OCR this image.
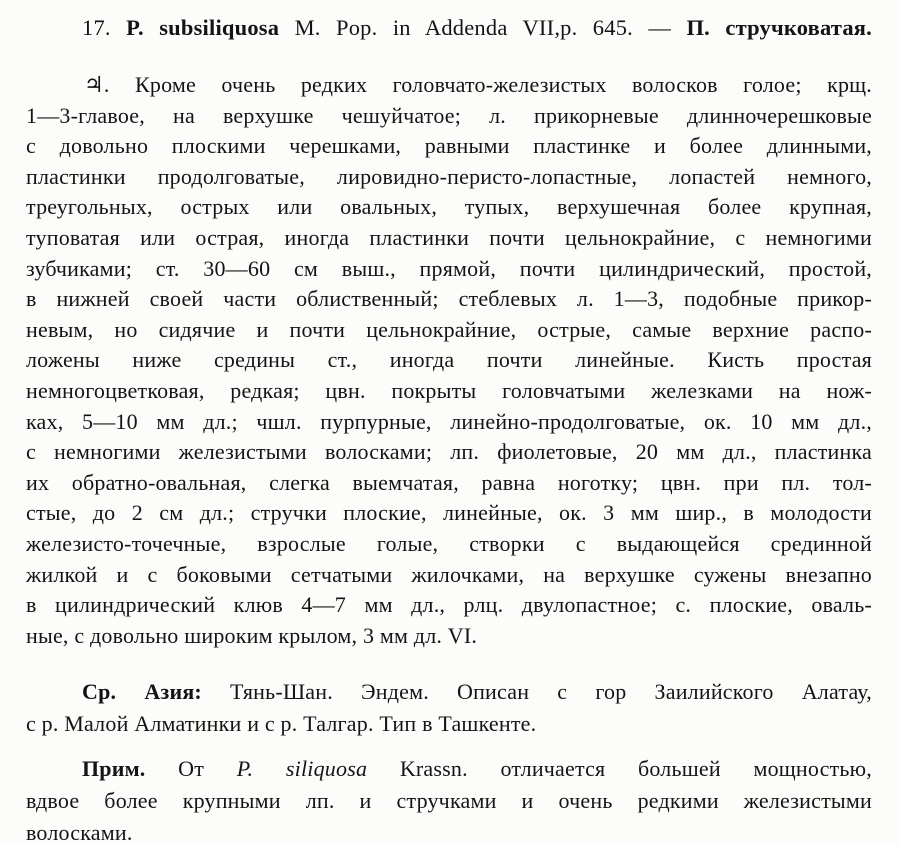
17. P. subsiliquosa M. Pop. in Addenda VII,p. 645. — П. стручковатая.
♃. Кроме очень редких головчато-железистых волосков голое; крщ.
1—3-главое, на верхушке чешуйчатое; л. прикорневые длинночерешковые
с довольно плоскими черешками, равными пластинке и более длинными,
пластинки продолговатые, лировидно-перисто-лопастные, лопастей немного,
треугольных, острых или овальных, тупых, верхушечная более крупная,
туповатая или острая, иногда пластинки почти цельнокрайние, с немногими
зубчиками; ст. 30—60 см выш., прямой, почти цилиндрический, простой,
в нижней своей части облиственный; стеблевых л. 1—3, подобные прикор-
невым, но сидячие и почти цельнокрайние, острые, самые верхние распо-
ложены ниже средины ст., иногда почти линейные. Кисть простая
немногоцветковая, редкая; цвн. покрыты головчатыми железками на нож-
ках, 5—10 мм дл.; чшл. пурпурные, линейно-продолговатые, ок. 10 мм дл.,
с немногими железистыми волосками; лп. фиолетовые, 20 мм дл., пластинка
их обратно-овальная, слегка выемчатая, равна ноготку; цвн. при пл. тол-
стые, до 2 см дл.; стручки плоские, линейные, ок. 3 мм шир., в молодости
железисто-точечные, взрослые голые, створки с выдающейся срединной
жилкой и с боковыми сетчатыми жилочками, на верхушке сужены внезапно
в цилиндрический клюв 4—7 мм дл., рлц. двулопастное; с. плоские, оваль-
ные, с довольно широким крылом, 3 мм дл. VI.
Ср. Азия: Тянь-Шан. Эндем. Описан с гор Заилийского Алатау,
с р. Малой Алматинки и с р. Талгар. Тип в Ташкенте.
Прим. От P. siliquosa Krassn. отличается большей мощностью,
вдвое более крупными лп. и стручками и очень редкими железистыми
волосками.
